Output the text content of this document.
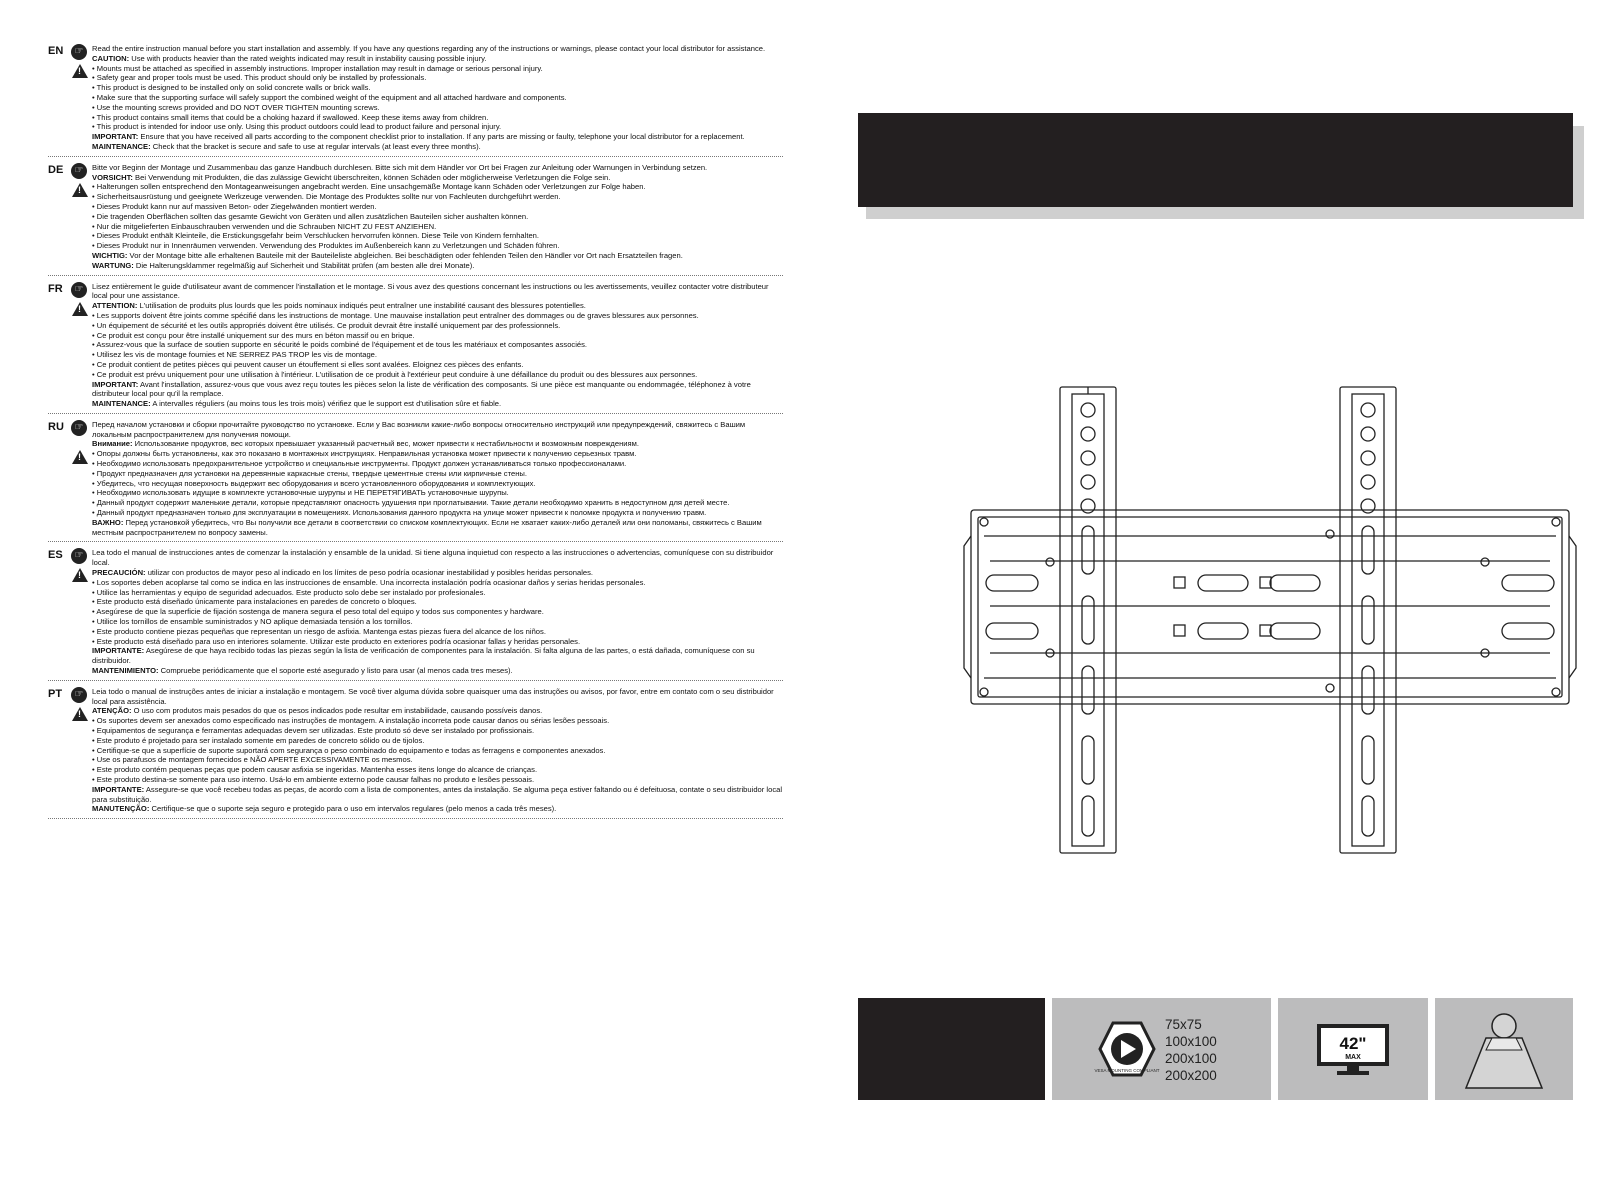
EN	☞
!	Read the entire instruction manual before you start installation and assembly. If you have any questions regarding any of the instructions or warnings, please contact your local distributor for assistance.

CAUTION: Use with products heavier than the rated weights indicated may result in instability causing possible injury.

• Mounts must be attached as specified in assembly instructions. Improper installation may result in damage or serious personal injury.

• Safety gear and proper tools must be used. This product should only be installed by professionals.

• This product is designed to be installed only on solid concrete walls or brick walls.

• Make sure that the supporting surface will safely support the combined weight of the equipment and all attached hardware and components.

• Use the mounting screws provided and DO NOT OVER TIGHTEN mounting screws.

• This product contains small items that could be a choking hazard if swallowed. Keep these items away from children.

• This product is intended for indoor use only. Using this product outdoors could lead to product failure and personal injury.

IMPORTANT: Ensure that you have received all parts according to the component checklist prior to installation. If any parts are missing or faulty, telephone your local distributor for a replacement.

MAINTENANCE: Check that the bracket is secure and safe to use at regular intervals (at least every three months).

DE	☞
!	Bitte vor Beginn der Montage und Zusammenbau das ganze Handbuch durchlesen. Bitte sich mit dem Händler vor Ort bei Fragen zur Anleitung oder Warnungen in Verbindung setzen.

VORSICHT: Bei Verwendung mit Produkten, die das zulässige Gewicht überschreiten, können Schäden oder möglicherweise Verletzungen die Folge sein.

• Halterungen sollen entsprechend den Montageanweisungen angebracht werden. Eine unsachgemäße Montage kann Schäden oder Verletzungen zur Folge haben.

• Sicherheitsausrüstung und geeignete Werkzeuge verwenden. Die Montage des Produktes sollte nur von Fachleuten durchgeführt werden.

• Dieses Produkt kann nur auf massiven Beton- oder Ziegelwänden montiert werden.

• Die tragenden Oberflächen sollten das gesamte Gewicht von Geräten und allen zusätzlichen Bauteilen sicher aushalten können.

• Nur die mitgelieferten Einbauschrauben verwenden und die Schrauben NICHT ZU FEST ANZIEHEN.

• Dieses Produkt enthält Kleinteile, die Erstickungsgefahr beim Verschlucken hervorrufen können. Diese Teile von Kindern fernhalten.

• Dieses Produkt nur in Innenräumen verwenden. Verwendung des Produktes im Außenbereich kann zu Verletzungen und Schäden führen.

WICHTIG: Vor der Montage bitte alle erhaltenen Bauteile mit der Bauteileliste abgleichen. Bei beschädigten oder fehlenden Teilen den Händler vor Ort nach Ersatzteilen fragen.

WARTUNG: Die Halterungsklammer regelmäßig auf Sicherheit und Stabilität prüfen (am besten alle drei Monate).

FR	☞
!	Lisez entièrement le guide d'utilisateur avant de commencer l'installation et le montage. Si vous avez des questions concernant les instructions ou les avertissements, veuillez contacter votre distributeur local pour une assistance.

ATTENTION: L'utilisation de produits plus lourds que les poids nominaux indiqués peut entraîner une instabilité causant des blessures potentielles.

• Les supports doivent être joints comme spécifié dans les instructions de montage. Une mauvaise installation peut entraîner des dommages ou de graves blessures aux personnes.

• Un équipement de sécurité et les outils appropriés doivent être utilisés. Ce produit devrait être installé uniquement par des professionnels.

• Ce produit est conçu pour être installé uniquement sur des murs en béton massif ou en brique.

• Assurez-vous que la surface de soutien supporte en sécurité le poids combiné de l'équipement et de tous les matériaux et composantes associés.

• Utilisez les vis de montage fournies et NE SERREZ PAS TROP les vis de montage.

• Ce produit contient de petites pièces qui peuvent causer un étouffement si elles sont avalées. Eloignez ces pièces des enfants.

• Ce produit est prévu uniquement pour une utilisation à l'intérieur. L'utilisation de ce produit à l'extérieur peut conduire à une défaillance du produit ou des blessures aux personnes.

IMPORTANT: Avant l'installation, assurez-vous que vous avez reçu toutes les pièces selon la liste de vérification des composants. Si une pièce est manquante ou endommagée, téléphonez à votre distributeur local pour qu'il la remplace.

MAINTENANCE: A intervalles réguliers (au moins tous les trois mois) vérifiez que le support est d'utilisation sûre et fiable.

RU	☞
!	Перед началом установки и сборки прочитайте руководство по установке. Если у Вас возникли какие-либо вопросы относительно инструкций или предупреждений, свяжитесь с Вашим локальным распространителем для получения помощи.

Внимание: Использование продуктов, вес которых превышает указанный расчетный вес, может привести к нестабильности и возможным повреждениям.

• Опоры должны быть установлены, как это показано в монтажных инструкциях. Неправильная установка может привести к получению серьезных травм.

• Необходимо использовать предохранительное устройство и специальные инструменты. Продукт должен устанавливаться только профессионалами.

• Продукт предназначен для установки на деревянные каркасные стены, твердые цементные стены или кирпичные стены.

• Убедитесь, что несущая поверхность выдержит вес оборудования и всего установленного оборудования и комплектующих.

• Необходимо использовать идущие в комплекте установочные шурупы и НЕ ПЕРЕТЯГИВАТЬ установочные шурупы.

• Данный продукт содержит маленькие детали, которые представляют опасность удушения при проглатывании. Такие детали необходимо хранить в недоступном для детей месте.

• Данный продукт предназначен только для эксплуатации в помещениях. Использования данного продукта на улице может привести к поломке продукта и получению травм.

ВАЖНО: Перед установкой убедитесь, что Вы получили все детали в соответствии со списком комплектующих. Если не хватает каких-либо деталей или они поломаны, свяжитесь с Вашим местным распространителем по вопросу замены.

ES	☞
!	Lea todo el manual de instrucciones antes de comenzar la instalación y ensamble de la unidad. Si tiene alguna inquietud con respecto a las instrucciones o advertencias, comuníquese con su distribuidor local.

PRECAUCIÓN: utilizar con productos de mayor peso al indicado en los límites de peso podría ocasionar inestabilidad y posibles heridas personales.

• Los soportes deben acoplarse tal como se indica en las instrucciones de ensamble. Una incorrecta instalación podría ocasionar daños y serias heridas personales.

• Utilice las herramientas y equipo de seguridad adecuados. Este producto solo debe ser instalado por profesionales.

• Este producto está diseñado únicamente para instalaciones en paredes de concreto o bloques.

• Asegúrese de que la superficie de fijación sostenga de manera segura el peso total del equipo y todos sus componentes y hardware.

• Utilice los tornillos de ensamble suministrados y NO aplique demasiada tensión a los tornillos.

• Este producto contiene piezas pequeñas que representan un riesgo de asfixia. Mantenga estas piezas fuera del alcance de los niños.

• Este producto está diseñado para uso en interiores solamente. Utilizar este producto en exteriores podría ocasionar fallas y heridas personales.

IMPORTANTE: Asegúrese de que haya recibido todas las piezas según la lista de verificación de componentes para la instalación. Si falta alguna de las partes, o está dañada, comuníquese con su distribuidor.

MANTENIMIENTO: Compruebe periódicamente que el soporte esté asegurado y listo para usar (al menos cada tres meses).

PT	☞
!	Leia todo o manual de instruções antes de iniciar a instalação e montagem. Se você tiver alguma dúvida sobre quaisquer uma das instruções ou avisos, por favor, entre em contato com o seu distribuidor local para assistência.

ATENÇÃO: O uso com produtos mais pesados do que os pesos indicados pode resultar em instabilidade, causando possíveis danos.

• Os suportes devem ser anexados como especificado nas instruções de montagem. A instalação incorreta pode causar danos ou sérias lesões pessoais.

• Equipamentos de segurança e ferramentas adequadas devem ser utilizadas. Este produto só deve ser instalado por profissionais.

• Este produto é projetado para ser instalado somente em paredes de concreto sólido ou de tijolos.

• Certifique-se que a superfície de suporte suportará com segurança o peso combinado do equipamento e todas as ferragens e componentes anexados.

• Use os parafusos de montagem fornecidos e NÃO APERTE EXCESSIVAMENTE os mesmos.

• Este produto contém pequenas peças que podem causar asfixia se ingeridas. Mantenha esses itens longe do alcance de crianças.

• Este produto destina-se somente para uso interno. Usá-lo em ambiente externo pode causar falhas no produto e lesões pessoais.

IMPORTANTE: Assegure-se que você recebeu todas as peças, de acordo com a lista de componentes, antes da instalação. Se alguma peça estiver faltando ou é defeituosa, contate o seu distribuidor local para substituição.

MANUTENÇÃO: Certifique-se que o suporte seja seguro e protegido para o uso em intervalos regulares (pelo menos a cada três meses).

VESA MOUNTING COMPLIANT
75x75
100x100
200x100
200x200
42"
MAX
